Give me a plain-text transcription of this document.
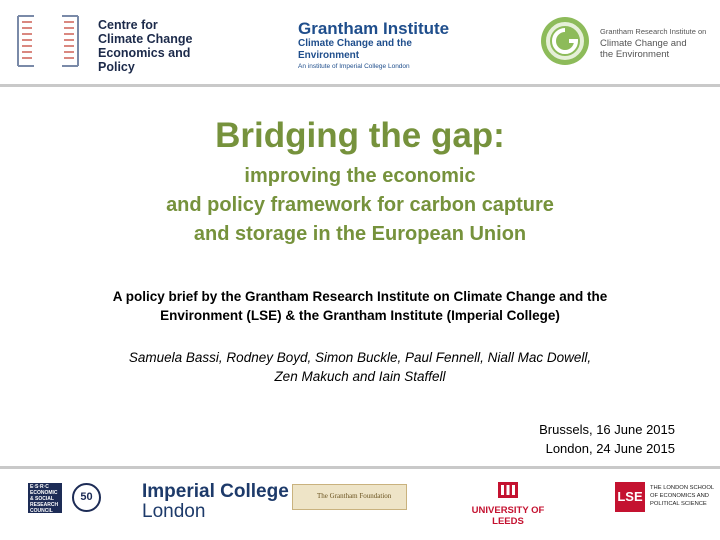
Centre for
Climate Change
Economics and Policy
Grantham Institute
Climate Change and the Environment
An institute of Imperial College London
Grantham Research Institute on
Climate Change and
the Environment
Bridging the gap:
improving the economic
and policy framework for carbon capture
and storage in the European Union
A policy brief by the Grantham Research Institute on Climate Change and the
Environment (LSE) & the Grantham Institute (Imperial College)
Samuela Bassi, Rodney Boyd, Simon Buckle, Paul Fennell, Niall Mac Dowell,
Zen Makuch and Iain Staffell
Brussels, 16 June 2015
London, 24 June 2015
E·S·R·C
ECONOMIC
& SOCIAL
RESEARCH
COUNCIL
50	Imperial College
London
The Grantham Foundation
UNIVERSITY OF LEEDS
LSE
THE LONDON SCHOOL
OF ECONOMICS AND
POLITICAL SCIENCE
